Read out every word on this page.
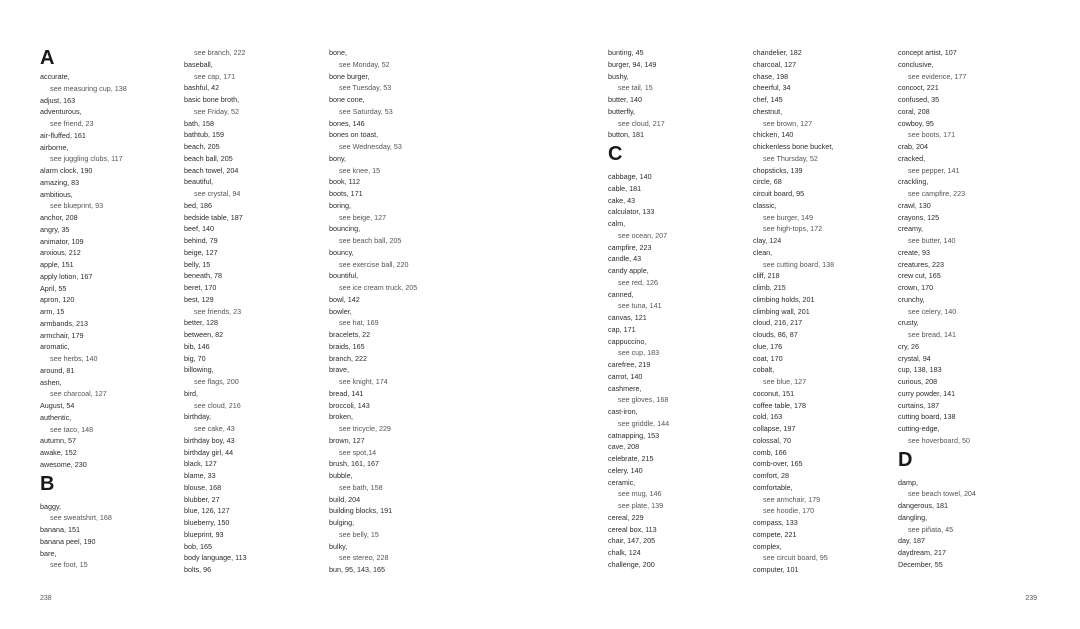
A
accurate,
see measuring cup, 138
adjust, 163
adventurous,
see friend, 23
air-fluffed, 161
airborne,
see juggling clubs, 117
alarm clock, 190
amazing, 83
ambitious,
see blueprint, 93
anchor, 208
angry, 35
animator, 109
anxious, 212
apple, 151
apply lotion, 167
April, 55
apron, 120
arm, 15
armbands, 213
armchair, 179
aromatic,
see herbs, 140
around, 81
ashen,
see charcoal, 127
August, 54
authentic,
see taco, 148
autumn, 57
awake, 152
awesome, 230
B
baggy,
see sweatshirt, 168
banana, 151
banana peel, 190
bare,
see foot, 15
see branch, 222
baseball,
see cap, 171
bashful, 42
basic bone broth,
see Friday, 52
bath, 158
bathtub, 159
beach, 205
beach ball, 205
beach towel, 204
beautiful,
see crystal, 94
bed, 186
bedside table, 187
beef, 140
behind, 79
beige, 127
belly, 15
beneath, 78
beret, 170
best, 129
see friends, 23
better, 128
between, 82
bib, 146
big, 70
billowing,
see flags, 200
bird,
see cloud, 216
birthday,
see cake, 43
birthday boy, 43
birthday girl, 44
black, 127
blame, 33
blouse, 168
blubber, 27
blue, 126, 127
blueberry, 150
blueprint, 93
bob, 165
body language, 113
bolts, 96
bone,
see Monday, 52
bone burger,
see Tuesday, 53
bone cone,
see Saturday, 53
bones, 146
bones on toast,
see Wednesday, 53
bony,
see knee, 15
book, 112
boots, 171
boring,
see beige, 127
bouncing,
see beach ball, 205
bouncy,
see exercise ball, 220
bountiful,
see ice cream truck, 205
bowl, 142
bowler,
see hat, 169
bracelets, 22
braids, 165
branch, 222
brave,
see knight, 174
bread, 141
broccoli, 143
broken,
see tricycle, 229
brown, 127
see spot,14
brush, 161, 167
bubble,
see bath, 158
build, 204
building blocks, 191
bulging,
see belly, 15
bulky,
see stereo, 228
bun, 95, 143, 165
bunting, 45
burger, 94, 149
bushy,
see tail, 15
butter, 140
butterfly,
see cloud, 217
button, 181
C
cabbage, 140
cable, 181
cake, 43
calculator, 133
calm,
see ocean, 207
campfire, 223
candle, 43
candy apple,
see red, 126
canned,
see tuna, 141
canvas, 121
cap, 171
cappuccino,
see cup, 183
carefree, 219
carrot, 140
cashmere,
see gloves, 168
cast-iron,
see griddle, 144
catnapping, 153
cave, 208
celebrate, 215
celery, 140
ceramic,
see mug, 146
see plate, 139
cereal, 229
cereal box, 113
chair, 147, 205
chalk, 124
challenge, 200
chandelier, 182
charcoal, 127
chase, 198
cheerful, 34
chef, 145
chestnut,
see brown, 127
chicken, 140
chickenless bone bucket,
see Thursday, 52
chopsticks, 139
circle, 68
circuit board, 95
classic,
see burger, 149
see high-tops, 172
clay, 124
clean,
see cutting board, 138
cliff, 218
climb, 215
climbing holds, 201
climbing wall, 201
cloud, 216, 217
clouds, 86, 87
clue, 176
coat, 170
cobalt,
see blue, 127
coconut, 151
coffee table, 178
cold, 163
collapse, 197
colossal, 70
comb, 166
comb-over, 165
comfort, 28
comfortable,
see armchair, 179
see hoodie, 170
compass, 133
compete, 221
complex,
see circuit board, 95
computer, 101
concept artist, 107
conclusive,
see evidence, 177
concoct, 221
confused, 35
coral, 208
cowboy, 95
see boots, 171
crab, 204
cracked,
see pepper, 141
crackling,
see campfire, 223
crawl, 130
crayons, 125
creamy,
see butter, 140
create, 93
creatures, 223
crew cut, 165
crown, 170
crunchy,
see celery, 140
crusty,
see bread, 141
cry, 26
crystal, 94
cup, 138, 183
curious, 208
curry powder, 141
curtains, 187
cutting board, 138
cutting-edge,
see hoverboard, 50
D
damp,
see beach towel, 204
dangerous, 181
dangling,
see piñata, 45
day, 187
daydream, 217
December, 55
238	239
